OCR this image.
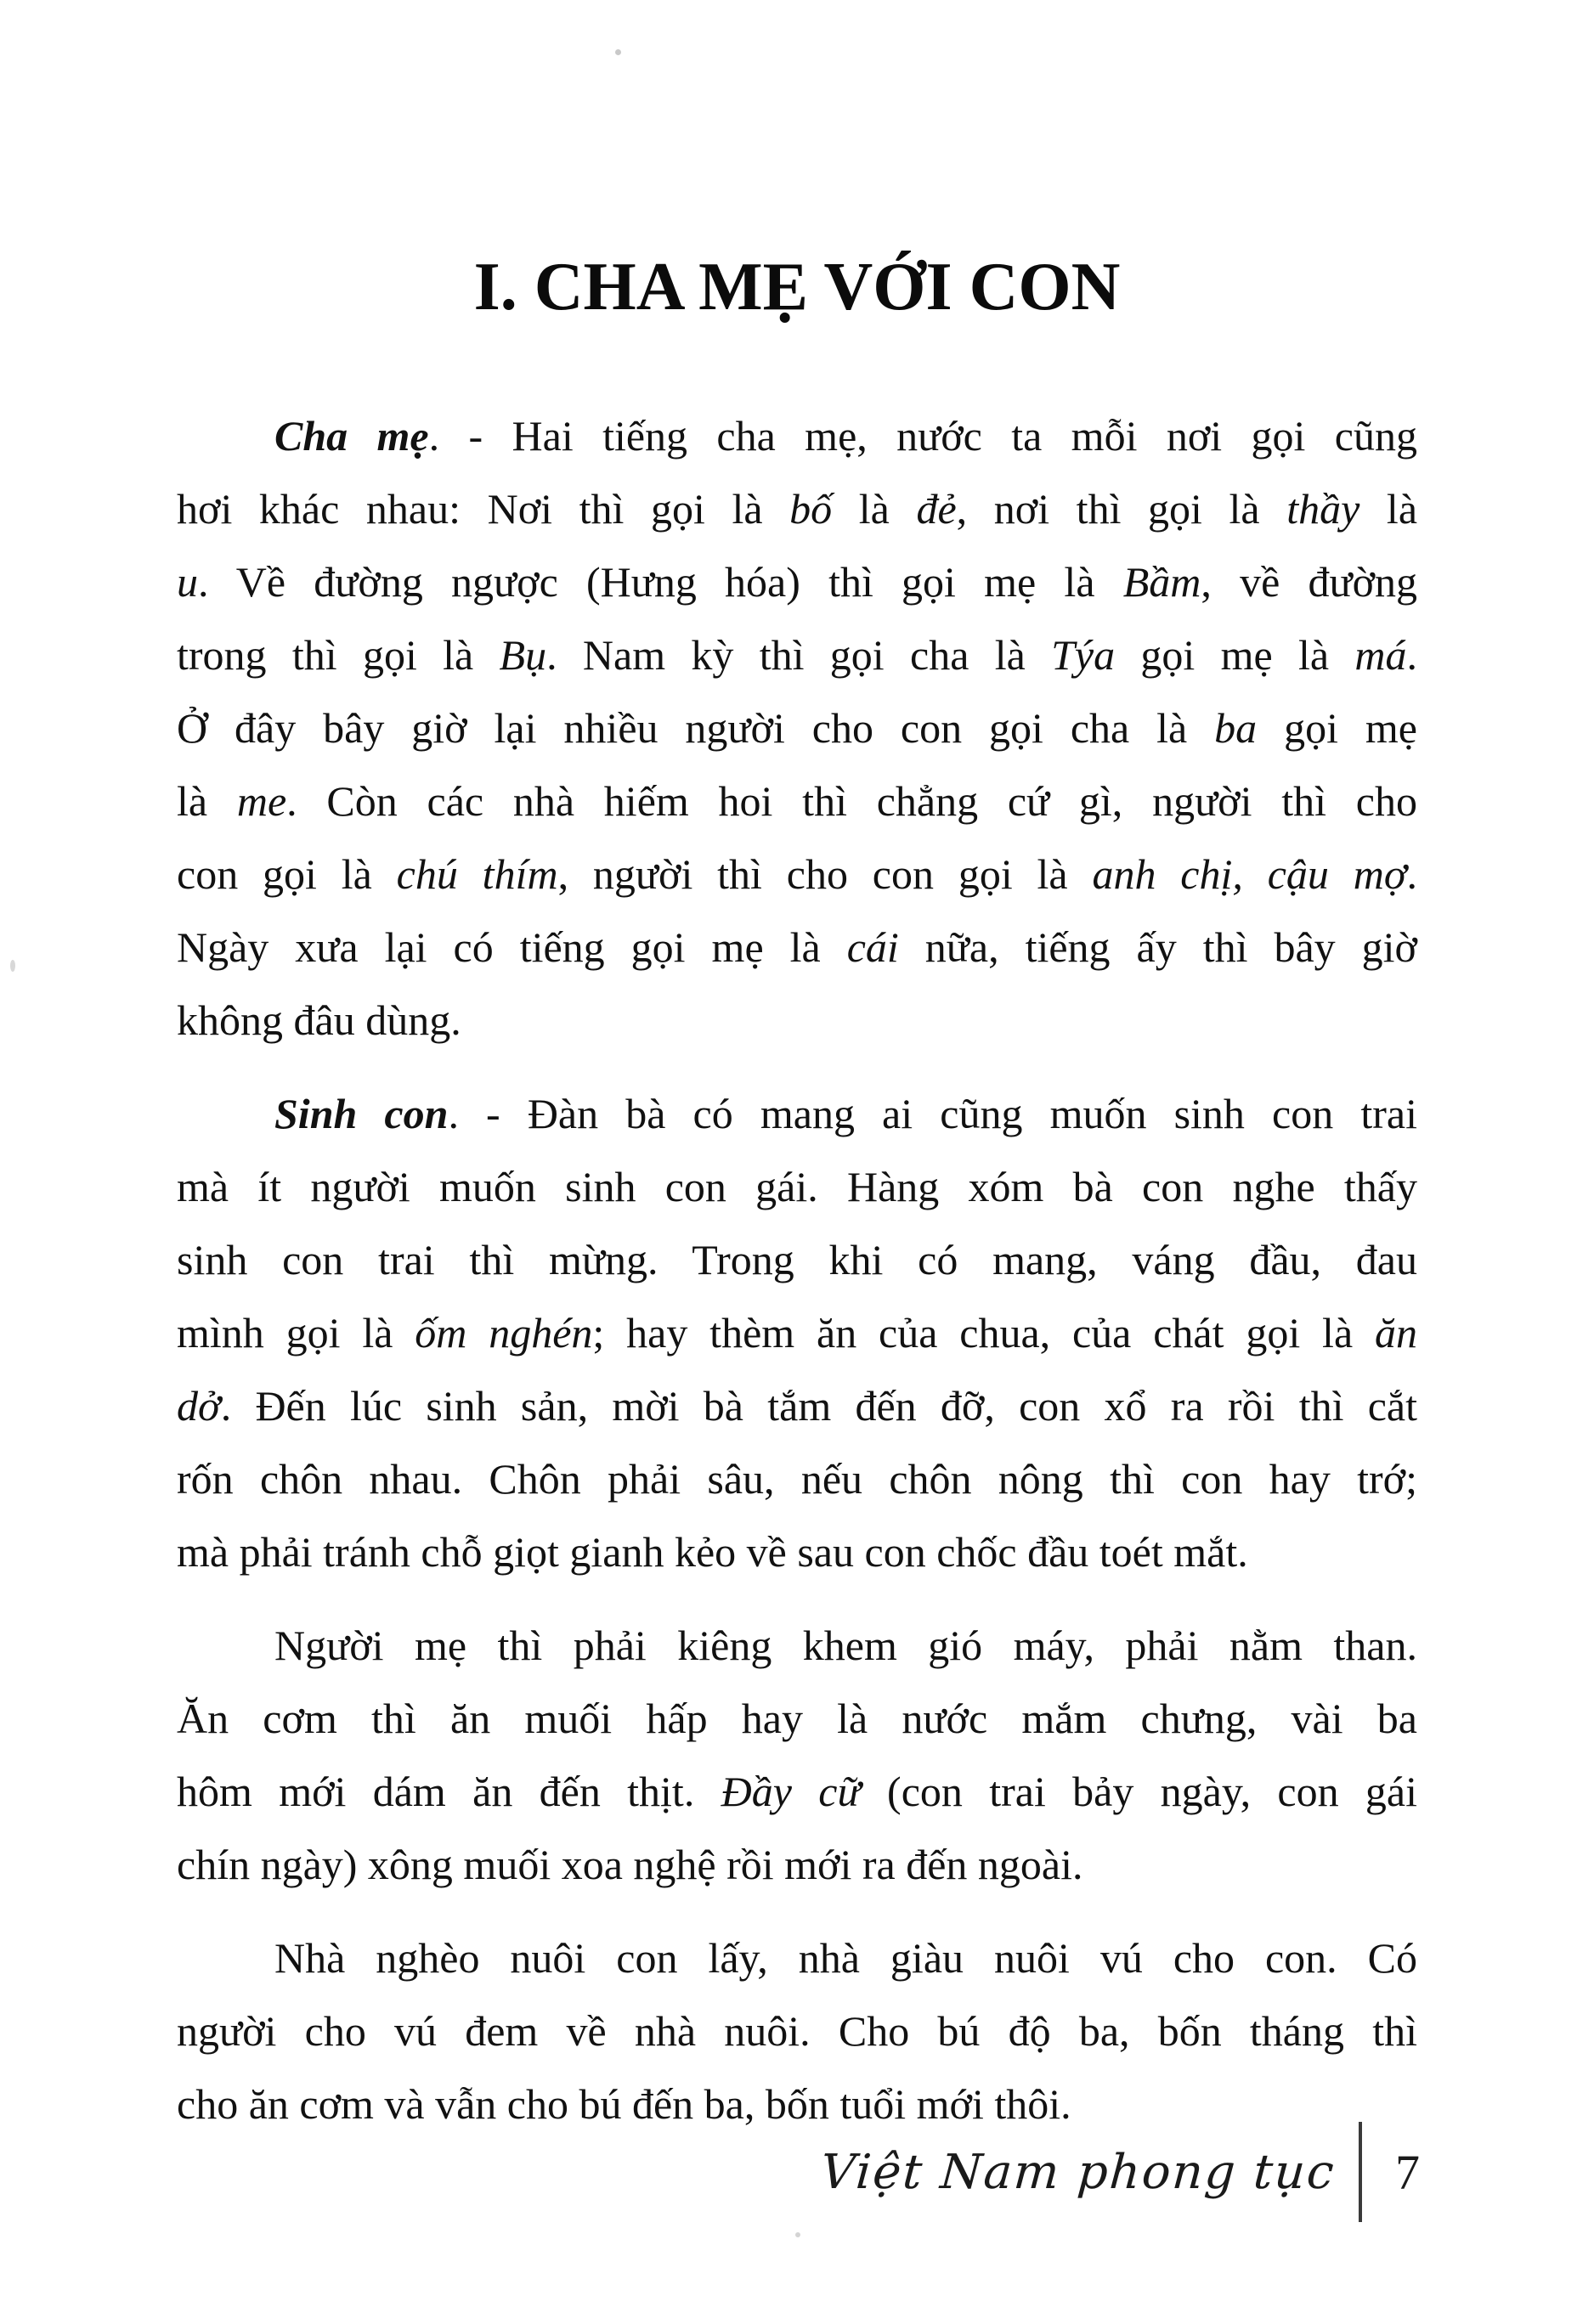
I. CHA MẸ VỚI CON
Cha mẹ. - Hai tiếng cha mẹ, nước ta mỗi nơi gọi cũng
hơi khác nhau: Nơi thì gọi là bố là đẻ, nơi thì gọi là thầy là
u. Về đường ngược (Hưng hóa) thì gọi mẹ là Bầm, về đường
trong thì gọi là Bụ. Nam kỳ thì gọi cha là Týa gọi mẹ là má.
Ở đây bây giờ lại nhiều người cho con gọi cha là ba gọi mẹ
là me. Còn các nhà hiếm hoi thì chẳng cứ gì, người thì cho
con gọi là chú thím, người thì cho con gọi là anh chị, cậu mợ.
Ngày xưa lại có tiếng gọi mẹ là cái nữa, tiếng ấy thì bây giờ
không đâu dùng.
Sinh con. - Đàn bà có mang ai cũng muốn sinh con trai
mà ít người muốn sinh con gái. Hàng xóm bà con nghe thấy
sinh con trai thì mừng. Trong khi có mang, váng đầu, đau
mình gọi là ốm nghén; hay thèm ăn của chua, của chát gọi là ăn
dở. Đến lúc sinh sản, mời bà tắm đến đỡ, con xổ ra rồi thì cắt
rốn chôn nhau. Chôn phải sâu, nếu chôn nông thì con hay trớ;
mà phải tránh chỗ giọt gianh kẻo về sau con chốc đầu toét mắt.
Người mẹ thì phải kiêng khem gió máy, phải nằm than.
Ăn cơm thì ăn muối hấp hay là nước mắm chưng, vài ba
hôm mới dám ăn đến thịt. Đầy cữ (con trai bảy ngày, con gái
chín ngày) xông muối xoa nghệ rồi mới ra đến ngoài.
Nhà nghèo nuôi con lấy, nhà giàu nuôi vú cho con. Có
người cho vú đem về nhà nuôi. Cho bú độ ba, bốn tháng thì
cho ăn cơm và vẫn cho bú đến ba, bốn tuổi mới thôi.
Việt Nam phong tục 7
